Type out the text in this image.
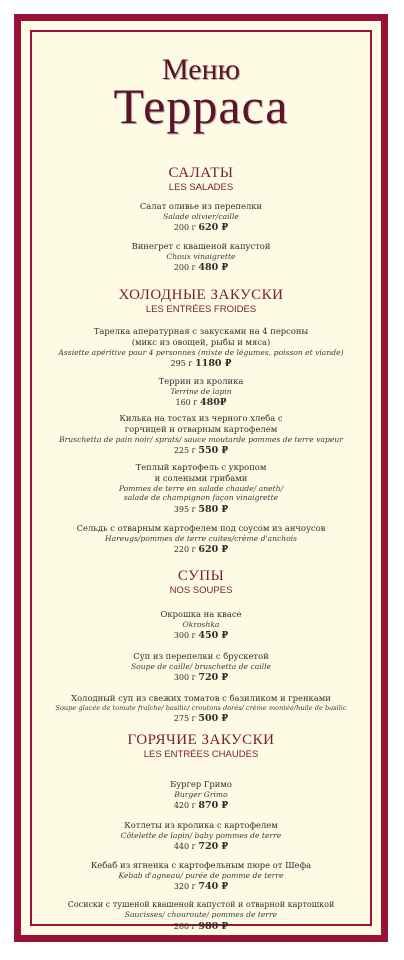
Меню
Терраса
САЛАТЫ
LES SALADES
Салат оливье из перепелки
Salade olivier/caille
200 г 620 ₽
Винегрет с квашеной капустой
Choux vinaigrette
200 г 480 ₽
ХОЛОДНЫЕ ЗАКУСКИ
LES ENTRÉES FROIDES
Тарелка апературная с закусками на 4 персоны
(микс из овощей, рыбы и мяса)
Assiette apéritive pour 4 personnes (mixte de légumes, poisson et viande)
295 г 1180 ₽
Террин из кролика
Terrine de lapin
160 г 480₽
Килька на тостах из черного хлеба с
горчицей и отварным картофелем
Bruschetta de pain noir/ sprats/ sauce moutarde pommes de terre vapeur
225 г 550 ₽
Теплый картофель с укропом
и солеными грибами
Pommes de terre en salade chaude/ aneth/
salade de champignon façon vinaigrette
395 г 580 ₽
Сельдь с отварным картофелем под соусом из анчоусов
Hareugs/pommes de terre cuites/crème d'anchois
220 г 620 ₽
СУПЫ
NOS SOUPES
Окрошка на квасе
Okroshka
300 г 450 ₽
Суп из перепелки с брускетой
Soupe de caille/ bruschetta de caille
300 г 720 ₽
Холодный суп из свежих томатов с базиликом и гренками
Soupe glacée de tomate fraîche/ basilic/ croutons dorés/ crème montée/huile de basilic
275 г 500 ₽
ГОРЯЧИЕ ЗАКУСКИ
LES ENTRÉES CHAUDES
Бургер Гримо
Burger Grimo
420 г 870 ₽
Котлеты из кролика с картофелем
Côtelette de lapin/ baby pommes de terre
440 г 720 ₽
Кебаб из ягненка с картофельным пюре от Шефа
Kebab d'agneau/ purée de pomme de terre
320 г 740 ₽
Сосиски с тушеной квашеной капустой и отварной картошкой
Saucisses/ chouroute/ pommes de terre
260 г 980 ₽
